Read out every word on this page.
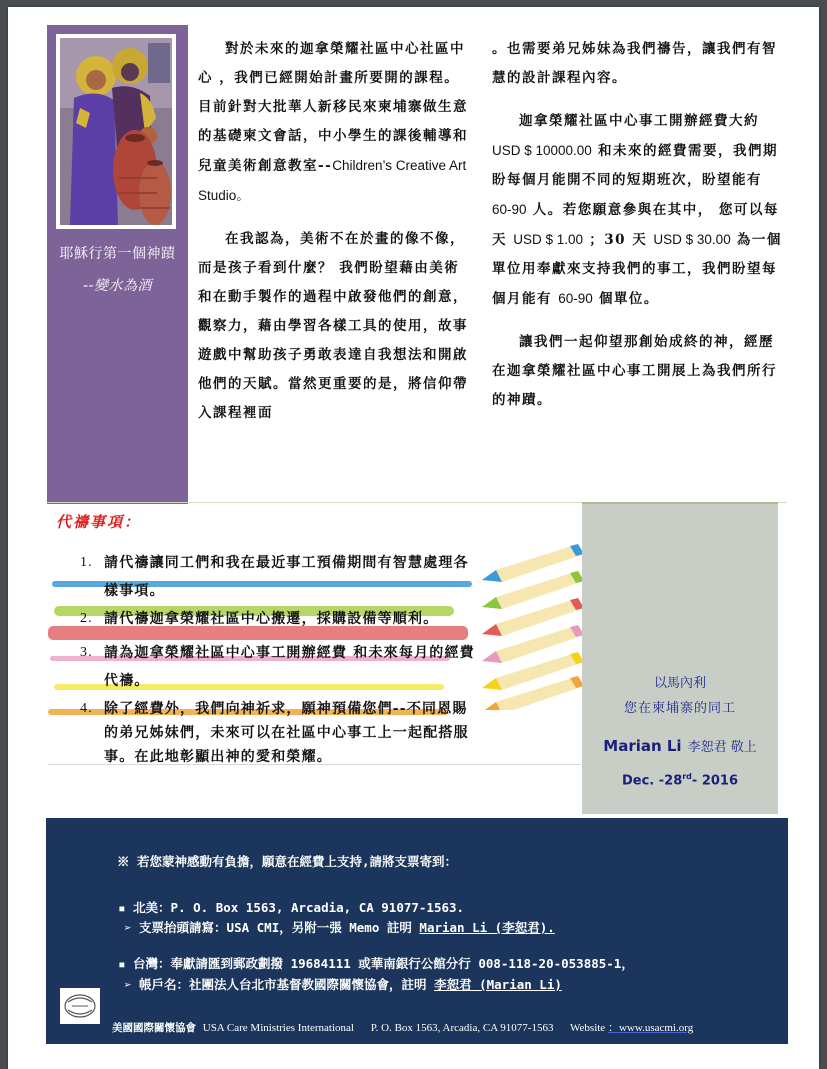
耶穌行第一個神蹟
--變水為酒

對於未來的迦拿榮耀社區中心社區中心 ，我們已經開始計畫所要開的課程。目前針對大批華人新移民來柬埔寨做生意的基礎柬文會話，中小學生的課後輔導和兒童美術創意教室--Children’s Creative Art Studio。

在我認為，美術不在於畫的像不像，而是孩子看到什麼？ 我們盼望藉由美術和在動手製作的過程中啟發他們的創意，觀察力，藉由學習各樣工具的使用，故事遊戲中幫助孩子勇敢表達自我想法和開啟他們的天賦。當然更重要的是，將信仰帶入課程裡面

。也需要弟兄姊妹為我們禱告，讓我們有智慧的設計課程內容。

迦拿榮耀社區中心事工開辦經費大約 USD $ 10000.00 和未來的經費需要，我們期盼每個月能開不同的短期班次，盼望能有 60-90 人。若您願意參與在其中， 您可以每天 USD $ 1.00 ；30 天 USD $ 30.00 為一個單位用奉獻來支持我們的事工，我們盼望每個月能有 60-90 個單位。

讓我們一起仰望那創始成終的神，經歷在迦拿榮耀社區中心事工開展上為我們所行的神蹟。

代禱事項：
1. 請代禱讓同工們和我在最近事工預備期間有智慧處理各樣事項。
2. 請代禱迦拿榮耀社區中心搬遷，採購設備等順利。
3. 請為迦拿榮耀社區中心事工開辦經費 和未來每月的經費代禱。
4. 除了經費外，我們向神祈求，願神預備您們--不同恩賜的弟兄姊妹們，未來可以在社區中心事工上一起配搭服事。在此地彰顯出神的愛和榮耀。
以馬內利
您在柬埔寨的同工
Marian Li 李恕君 敬上
Dec. -28rd- 2016
※ 若您蒙神感動有負擔，願意在經費上支持,請將支票寄到：
▪ 北美：P. O. Box 1563, Arcadia, CA 91077-1563.
➢ 支票抬頭請寫：USA CMI，另附一張 Memo 註明 Marian Li (李恕君).
▪ 台灣：奉獻請匯到郵政劃撥 19684111 或華南銀行公館分行 008-118-20-053885-1，
➢ 帳戶名：社團法人台北市基督教國際關懷協會，註明 李恕君 (Marian Li)
美國國際關懷協會 USA Care Ministries International P. O. Box 1563, Arcadia, CA 91077-1563 Website ：www.usacmi.org
